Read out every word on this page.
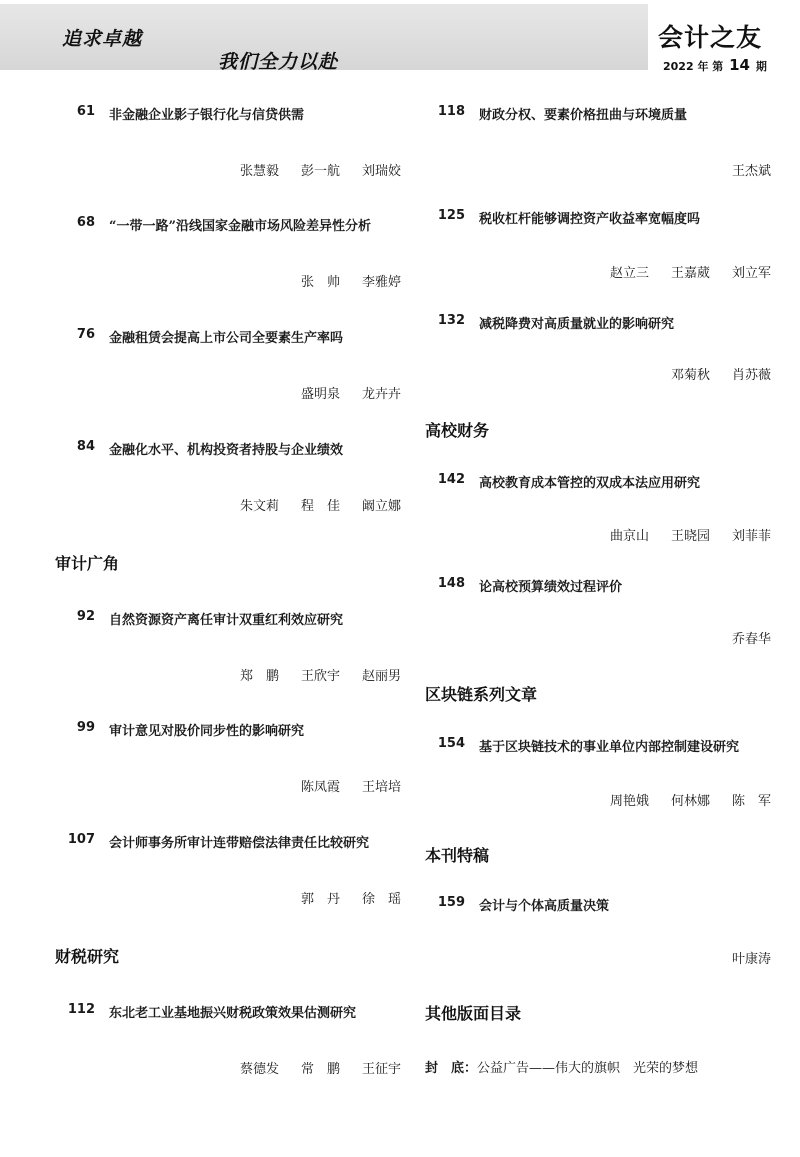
追求卓越
我们全力以赴
会计之友
2022 年 第 14 期
61 非金融企业影子银行化与信贷供需
张慧毅 彭一航 刘瑞姣
68 “一带一路”沿线国家金融市场风险差异性分析
张　帅 李雅婷
76 金融租赁会提高上市公司全要素生产率吗
盛明泉 龙卉卉
84 金融化水平、机构投资者持股与企业绩效
朱文莉 程　佳 阚立娜
审计广角
92 自然资源资产离任审计双重红利效应研究
郑　鹏 王欣宇 赵丽男
99 审计意见对股价同步性的影响研究
陈凤霞 王培培
107 会计师事务所审计连带赔偿法律责任比较研究
郭　丹 徐　瑶
财税研究
112 东北老工业基地振兴财税政策效果估测研究
蔡德发 常　鹏 王征宇
118 财政分权、要素价格扭曲与环境质量
王杰斌
125 税收杠杆能够调控资产收益率宽幅度吗
赵立三 王嘉葳 刘立军
132 减税降费对高质量就业的影响研究
邓菊秋 肖苏薇
高校财务
142 高校教育成本管控的双成本法应用研究
曲京山 王晓园 刘菲菲
148 论高校预算绩效过程评价
乔春华
区块链系列文章
154 基于区块链技术的事业单位内部控制建设研究
周艳娥 何林娜 陈　军
本刊特稿
159 会计与个体高质量决策
叶康涛
其他版面目录
封　底：公益广告——伟大的旗帜　光荣的梦想
